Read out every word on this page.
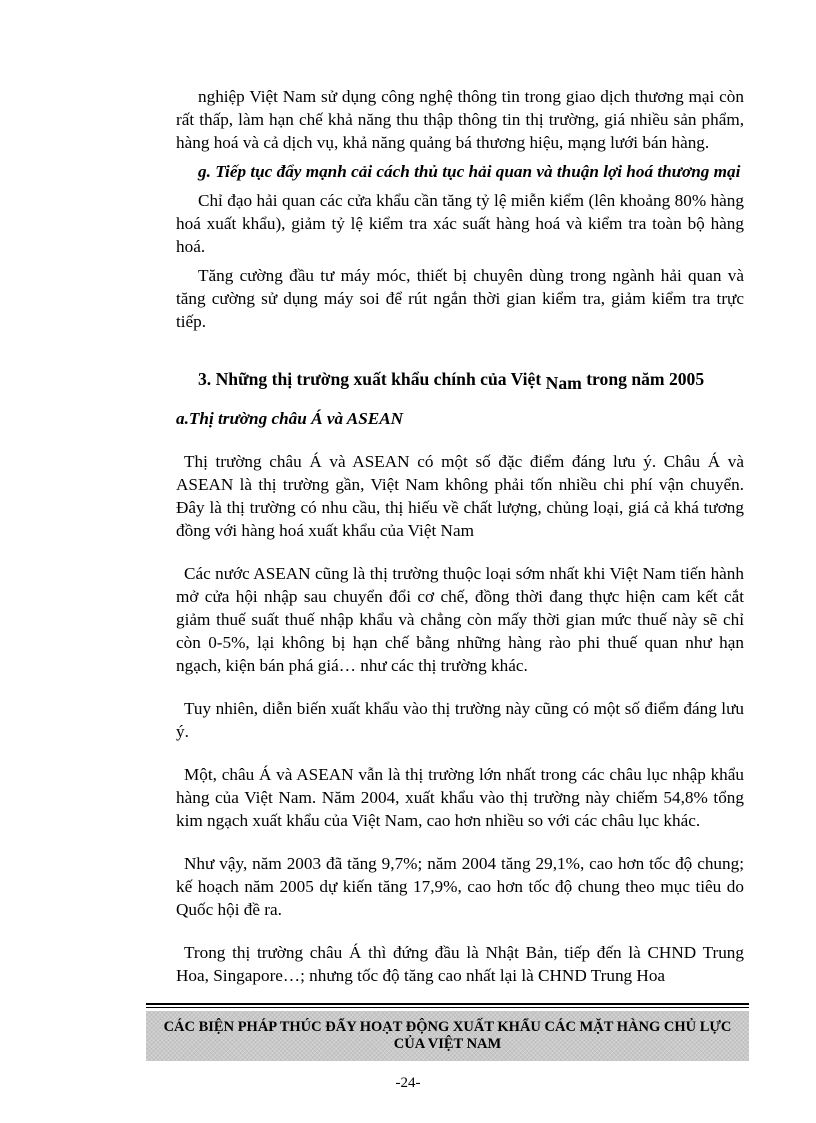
nghiệp Việt Nam sử dụng công nghệ thông tin trong giao dịch thương mại còn rất thấp, làm hạn chế khả năng thu thập thông tin thị trường, giá nhiều sản phẩm, hàng hoá và cả dịch vụ, khả năng quảng bá thương hiệu, mạng lưới bán hàng.

g. Tiếp tục đẩy mạnh cải cách thủ tục hải quan và thuận lợi hoá thương mại

Chỉ đạo hải quan các cửa khẩu cần tăng tỷ lệ miễn kiểm (lên khoảng 80% hàng hoá xuất khẩu), giảm tỷ lệ kiểm tra xác suất hàng hoá và kiểm tra toàn bộ hàng hoá.

Tăng cường đầu tư máy móc, thiết bị chuyên dùng trong ngành hải quan và tăng cường sử dụng máy soi để rút ngắn thời gian kiểm tra, giảm kiểm tra trực tiếp.

3. Những thị trường xuất khẩu chính của Việt Nam trong năm 2005

a.Thị trường châu Á và ASEAN

Thị trường châu Á và ASEAN có một số đặc điểm đáng lưu ý. Châu Á và ASEAN là thị trường gần, Việt Nam không phải tốn nhiều chi phí vận chuyển. Đây là thị trường có nhu cầu, thị hiếu về chất lượng, chủng loại, giá cả khá tương đồng với hàng hoá xuất khẩu của Việt Nam

Các nước ASEAN cũng là thị trường thuộc loại sớm nhất khi Việt Nam tiến hành mở cửa hội nhập sau chuyển đổi cơ chế, đồng thời đang thực hiện cam kết cắt giảm thuế suất thuế nhập khẩu và chẳng còn mấy thời gian mức thuế này sẽ chỉ còn 0-5%, lại không bị hạn chế bằng những hàng rào phi thuế quan như hạn ngạch, kiện bán phá giá… như các thị trường khác.

Tuy nhiên, diễn biến xuất khẩu vào thị trường này cũng có một số điểm đáng lưu ý.

Một, châu Á và ASEAN vẫn là thị trường lớn nhất trong các châu lục nhập khẩu hàng của Việt Nam. Năm 2004, xuất khẩu vào thị trường này chiếm 54,8% tổng kim ngạch xuất khẩu của Việt Nam, cao hơn nhiều so với các châu lục khác.

Như vậy, năm 2003 đã tăng 9,7%; năm 2004 tăng 29,1%, cao hơn tốc độ chung; kế hoạch năm 2005 dự kiến tăng 17,9%, cao hơn tốc độ chung theo mục tiêu do Quốc hội đề ra.

Trong thị trường châu Á thì đứng đầu là Nhật Bản, tiếp đến là CHND Trung Hoa, Singapore…; nhưng tốc độ tăng cao nhất lại là CHND Trung Hoa

CÁC BIỆN PHÁP THÚC ĐẨY HOẠT ĐỘNG XUẤT KHẨU CÁC MẶT HÀNG CHỦ LỰC
CỦA VIỆT NAM
-24-
